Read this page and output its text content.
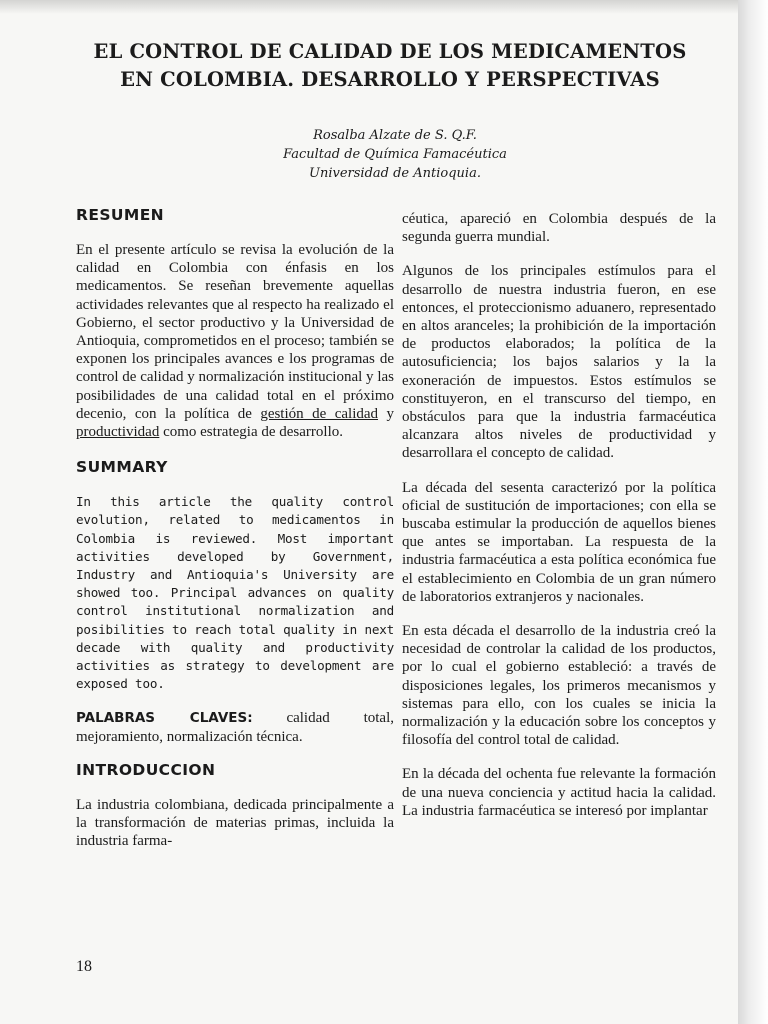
EL CONTROL DE CALIDAD DE LOS MEDICAMENTOS
EN COLOMBIA. DESARROLLO Y PERSPECTIVAS
Rosalba Alzate de S. Q.F.
Facultad de Química Famacéutica
Universidad de Antioquia.
RESUMEN

En el presente artículo se revisa la evolución de la calidad en Colombia con énfasis en los medicamentos. Se reseñan brevemente aquellas actividades relevantes que al respecto ha realizado el Gobierno, el sector productivo y la Universidad de Antioquia, comprometidos en el proceso; también se exponen los principales avances e los programas de control de calidad y normalización institucional y las posibilidades de una calidad total en el próximo decenio, con la política de gestión de calidad y productividad como estrategia de desarrollo.

SUMMARY

In this article the quality control evolution, related to medicamentos in Colombia is reviewed. Most important activities developed by Government, Industry and Antioquia's University are showed too. Principal advances on quality control institutional normalization and posibilities to reach total quality in next decade with quality and productivity activities as strategy to development are exposed too.

PALABRAS CLAVES: calidad total, mejoramiento, normalización técnica.

INTRODUCCION

La industria colombiana, dedicada principalmente a la transformación de materias primas, incluida la industria farma-

céutica, apareció en Colombia después de la segunda guerra mundial.

Algunos de los principales estímulos para el desarrollo de nuestra industria fueron, en ese entonces, el proteccionismo aduanero, representado en altos aranceles; la prohibición de la importación de productos elaborados; la política de la autosuficiencia; los bajos salarios y la la exoneración de impuestos. Estos estímulos se constituyeron, en el transcurso del tiempo, en obstáculos para que la industria farmacéutica alcanzara altos niveles de productividad y desarrollara el concepto de calidad.

La década del sesenta caracterizó por la política oficial de sustitución de importaciones; con ella se buscaba estimular la producción de aquellos bienes que antes se importaban. La respuesta de la industria farmacéutica a esta política económica fue el establecimiento en Colombia de un gran número de laboratorios extranjeros y nacionales.

En esta década el desarrollo de la industria creó la necesidad de controlar la calidad de los productos, por lo cual el gobierno estableció: a través de disposiciones legales, los primeros mecanismos y sistemas para ello, con los cuales se inicia la normalización y la educación sobre los conceptos y filosofía del control total de calidad.

En la década del ochenta fue relevante la formación de una nueva conciencia y actitud hacia la calidad. La industria farmacéutica se interesó por implantar

18
